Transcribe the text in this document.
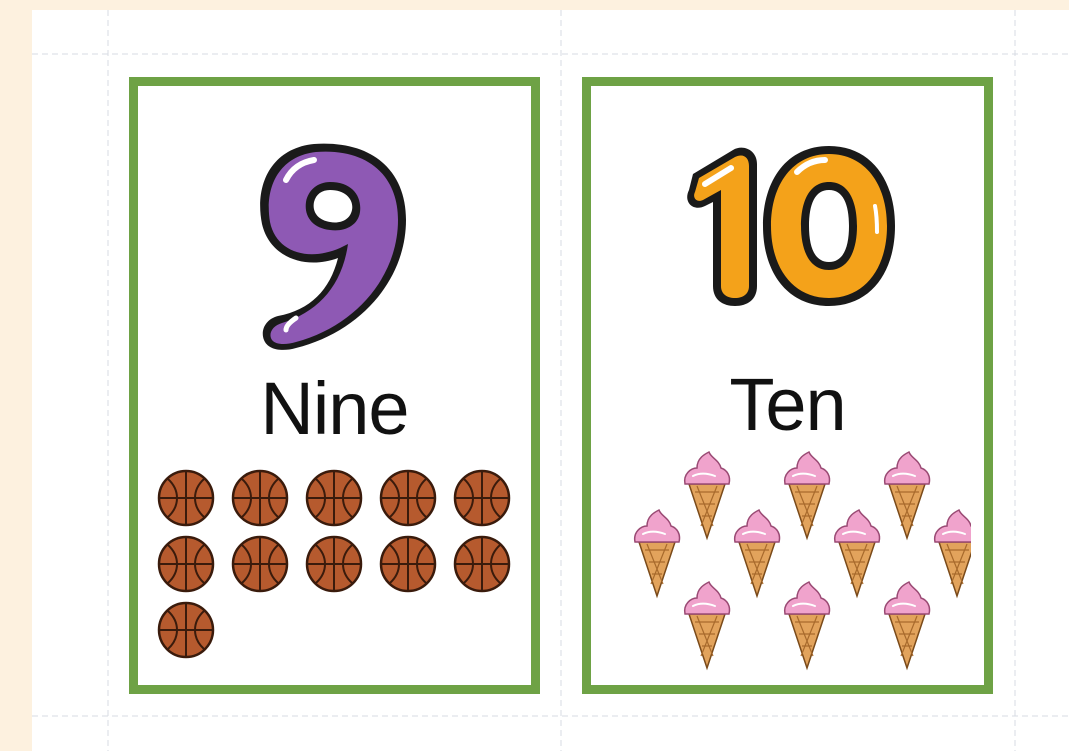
Nine	Ten
